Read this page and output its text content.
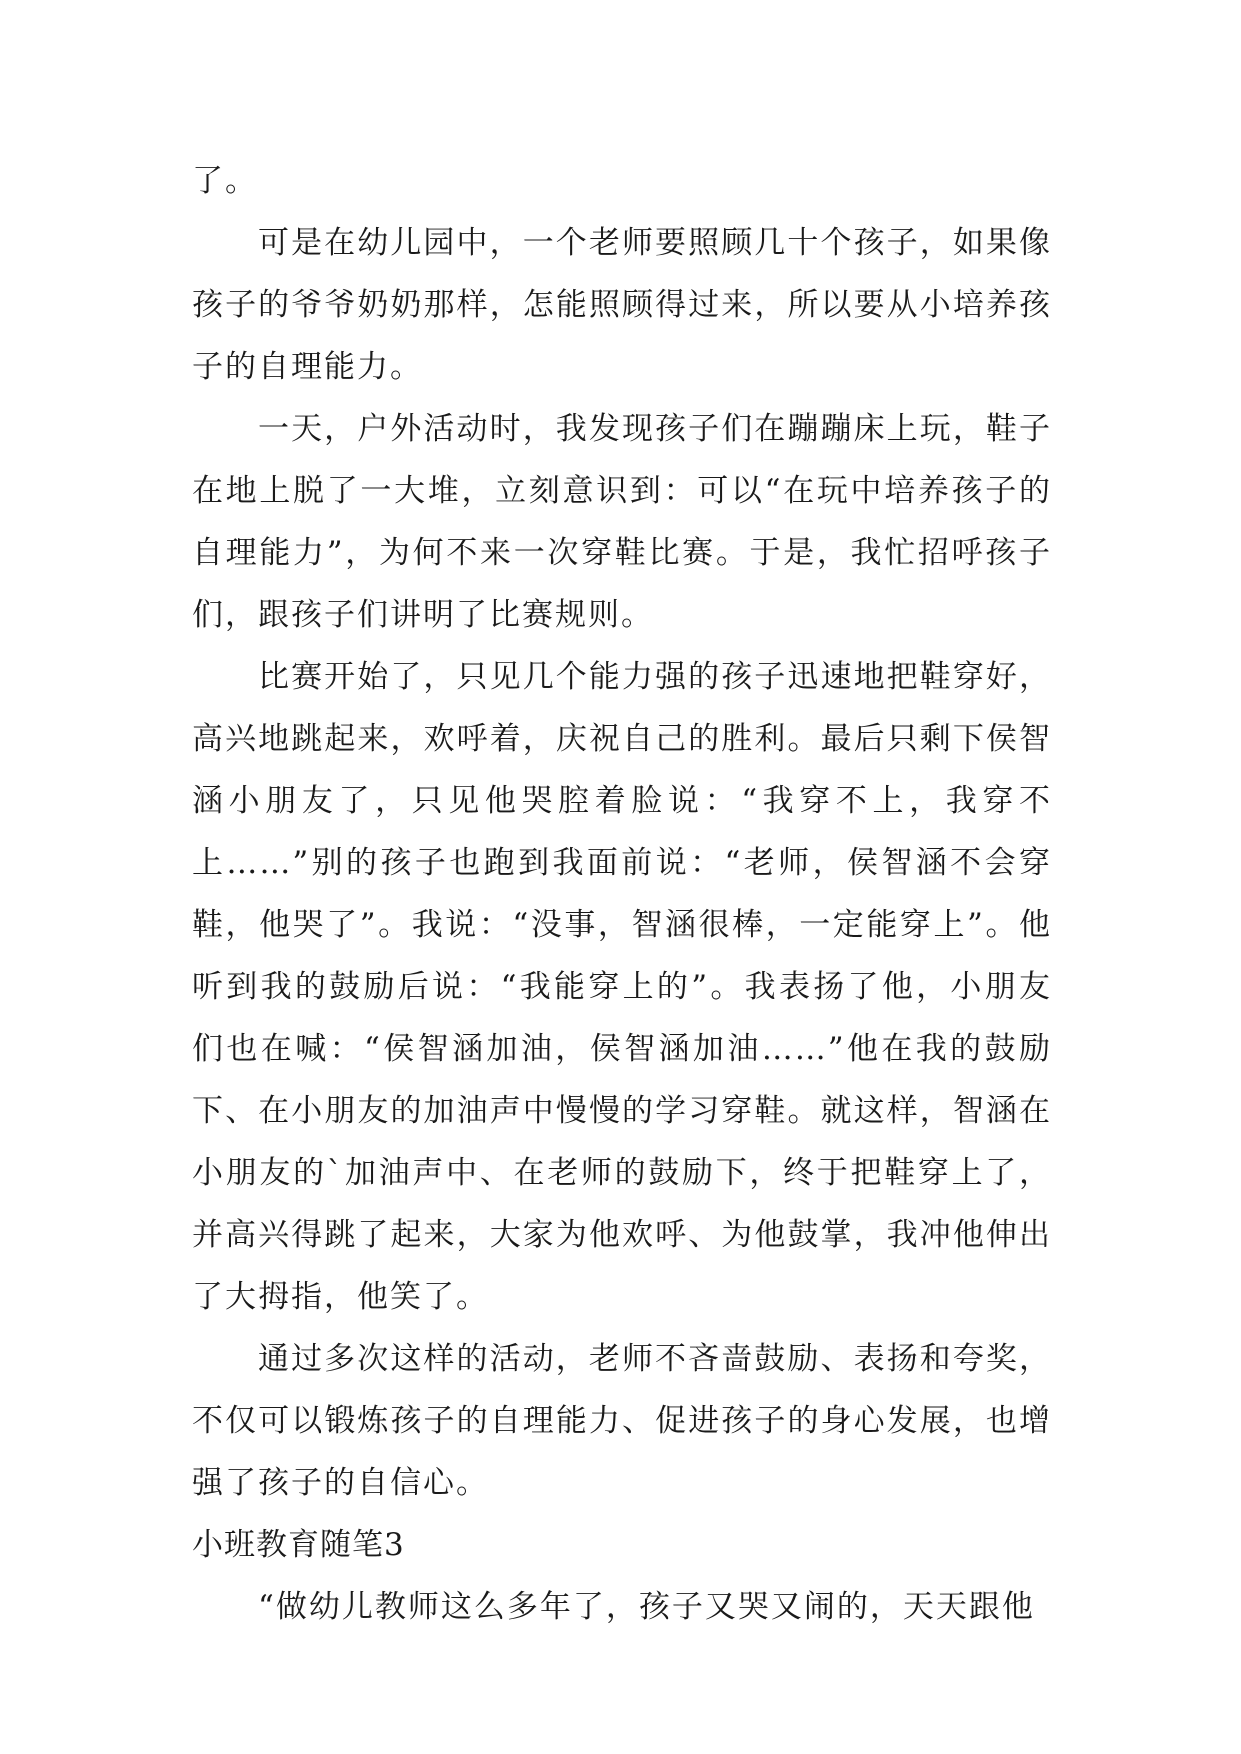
了。

可是在幼儿园中，一个老师要照顾几十个孩子，如果像孩子的爷爷奶奶那样，怎能照顾得过来，所以要从小培养孩子的自理能力。

一天，户外活动时，我发现孩子们在蹦蹦床上玩，鞋子在地上脱了一大堆，立刻意识到：可以“在玩中培养孩子的自理能力”，为何不来一次穿鞋比赛。于是，我忙招呼孩子们，跟孩子们讲明了比赛规则。

比赛开始了，只见几个能力强的孩子迅速地把鞋穿好，高兴地跳起来，欢呼着，庆祝自己的胜利。最后只剩下侯智涵小朋友了，只见他哭腔着脸说：“我穿不上，我穿不上……”别的孩子也跑到我面前说：“老师，侯智涵不会穿鞋，他哭了”。我说：“没事，智涵很棒，一定能穿上”。他听到我的鼓励后说：“我能穿上的”。我表扬了他，小朋友们也在喊：“侯智涵加油，侯智涵加油……”他在我的鼓励下、在小朋友的加油声中慢慢的学习穿鞋。就这样，智涵在小朋友的`加油声中、在老师的鼓励下，终于把鞋穿上了，并高兴得跳了起来，大家为他欢呼、为他鼓掌，我冲他伸出了大拇指，他笑了。

通过多次这样的活动，老师不吝啬鼓励、表扬和夸奖，不仅可以锻炼孩子的自理能力、促进孩子的身心发展，也增强了孩子的自信心。

小班教育随笔3

“做幼儿教师这么多年了，孩子又哭又闹的，天天跟他
